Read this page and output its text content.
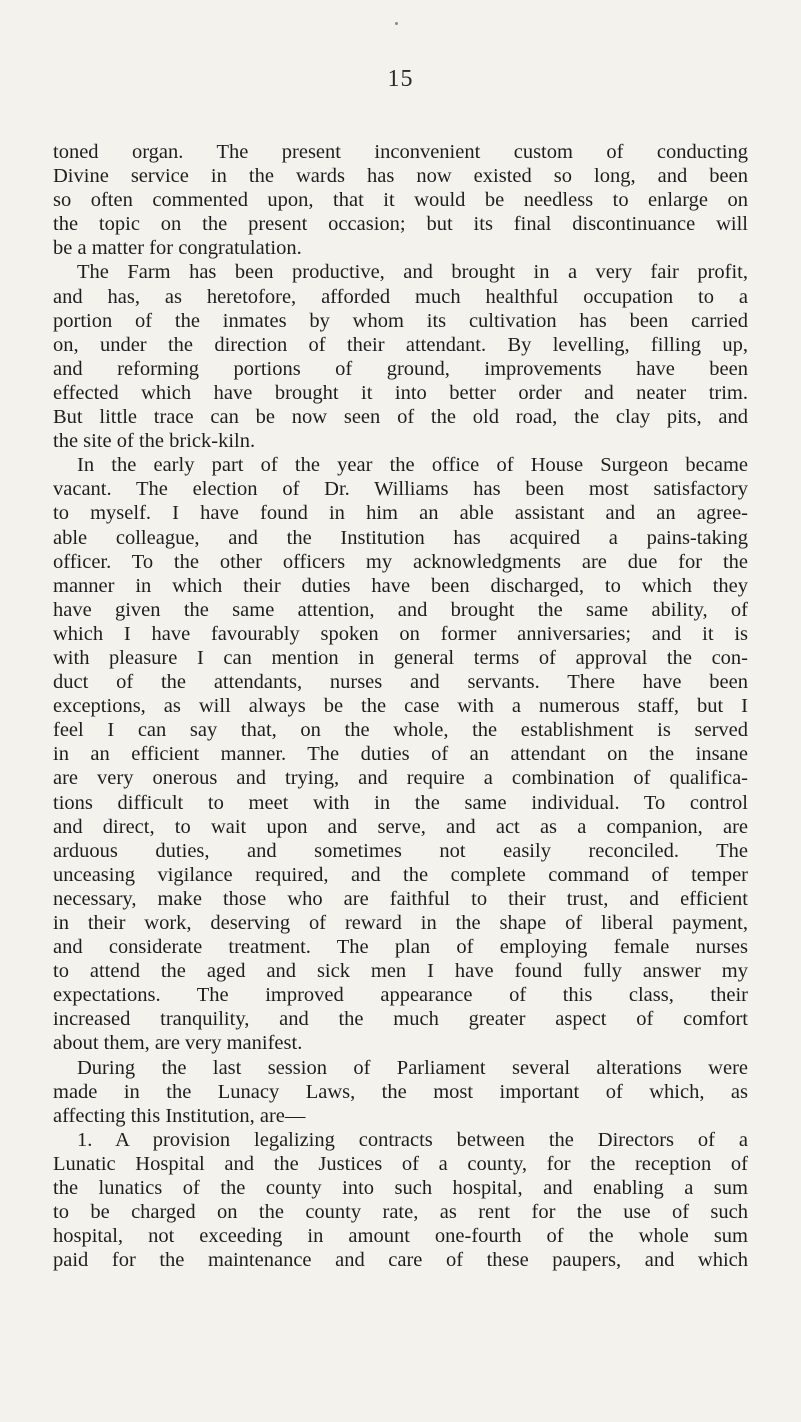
15
toned organ. The present inconvenient custom of conducting
Divine service in the wards has now existed so long, and been
so often commented upon, that it would be needless to enlarge on
the topic on the present occasion; but its final discontinuance will
be a matter for congratulation.
The Farm has been productive, and brought in a very fair profit,
and has, as heretofore, afforded much healthful occupation to a
portion of the inmates by whom its cultivation has been carried
on, under the direction of their attendant. By levelling, filling up,
and reforming portions of ground, improvements have been
effected which have brought it into better order and neater trim.
But little trace can be now seen of the old road, the clay pits, and
the site of the brick-kiln.
In the early part of the year the office of House Surgeon became
vacant. The election of Dr. Williams has been most satisfactory
to myself. I have found in him an able assistant and an agree-
able colleague, and the Institution has acquired a pains-taking
officer. To the other officers my acknowledgments are due for the
manner in which their duties have been discharged, to which they
have given the same attention, and brought the same ability, of
which I have favourably spoken on former anniversaries; and it is
with pleasure I can mention in general terms of approval the con-
duct of the attendants, nurses and servants. There have been
exceptions, as will always be the case with a numerous staff, but I
feel I can say that, on the whole, the establishment is served
in an efficient manner. The duties of an attendant on the insane
are very onerous and trying, and require a combination of qualifica-
tions difficult to meet with in the same individual. To control
and direct, to wait upon and serve, and act as a companion, are
arduous duties, and sometimes not easily reconciled. The
unceasing vigilance required, and the complete command of temper
necessary, make those who are faithful to their trust, and efficient
in their work, deserving of reward in the shape of liberal payment,
and considerate treatment. The plan of employing female nurses
to attend the aged and sick men I have found fully answer my
expectations. The improved appearance of this class, their
increased tranquility, and the much greater aspect of comfort
about them, are very manifest.
During the last session of Parliament several alterations were
made in the Lunacy Laws, the most important of which, as
affecting this Institution, are—
1. A provision legalizing contracts between the Directors of a
Lunatic Hospital and the Justices of a county, for the reception of
the lunatics of the county into such hospital, and enabling a sum
to be charged on the county rate, as rent for the use of such
hospital, not exceeding in amount one-fourth of the whole sum
paid for the maintenance and care of these paupers, and which
